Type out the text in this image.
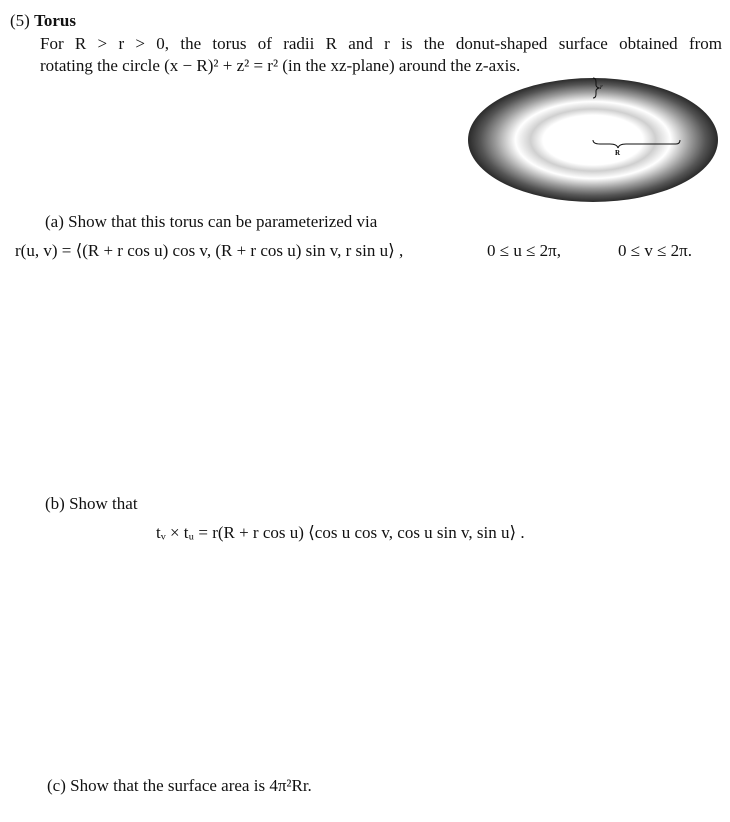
(5) Torus
For R > r > 0, the torus of radii R and r is the donut-shaped surface obtained from
rotating the circle (x − R)² + z² = r² (in the xz-plane) around the z-axis.
r
R
(a) Show that this torus can be parameterized via
r(u, v) = ⟨(R + r cos u) cos v, (R + r cos u) sin v, r sin u⟩ ,	0 ≤ u ≤ 2π,	0 ≤ v ≤ 2π.
(b) Show that
tᵥ × tᵤ = r(R + r cos u) ⟨cos u cos v, cos u sin v, sin u⟩ .
(c) Show that the surface area is 4π²Rr.
